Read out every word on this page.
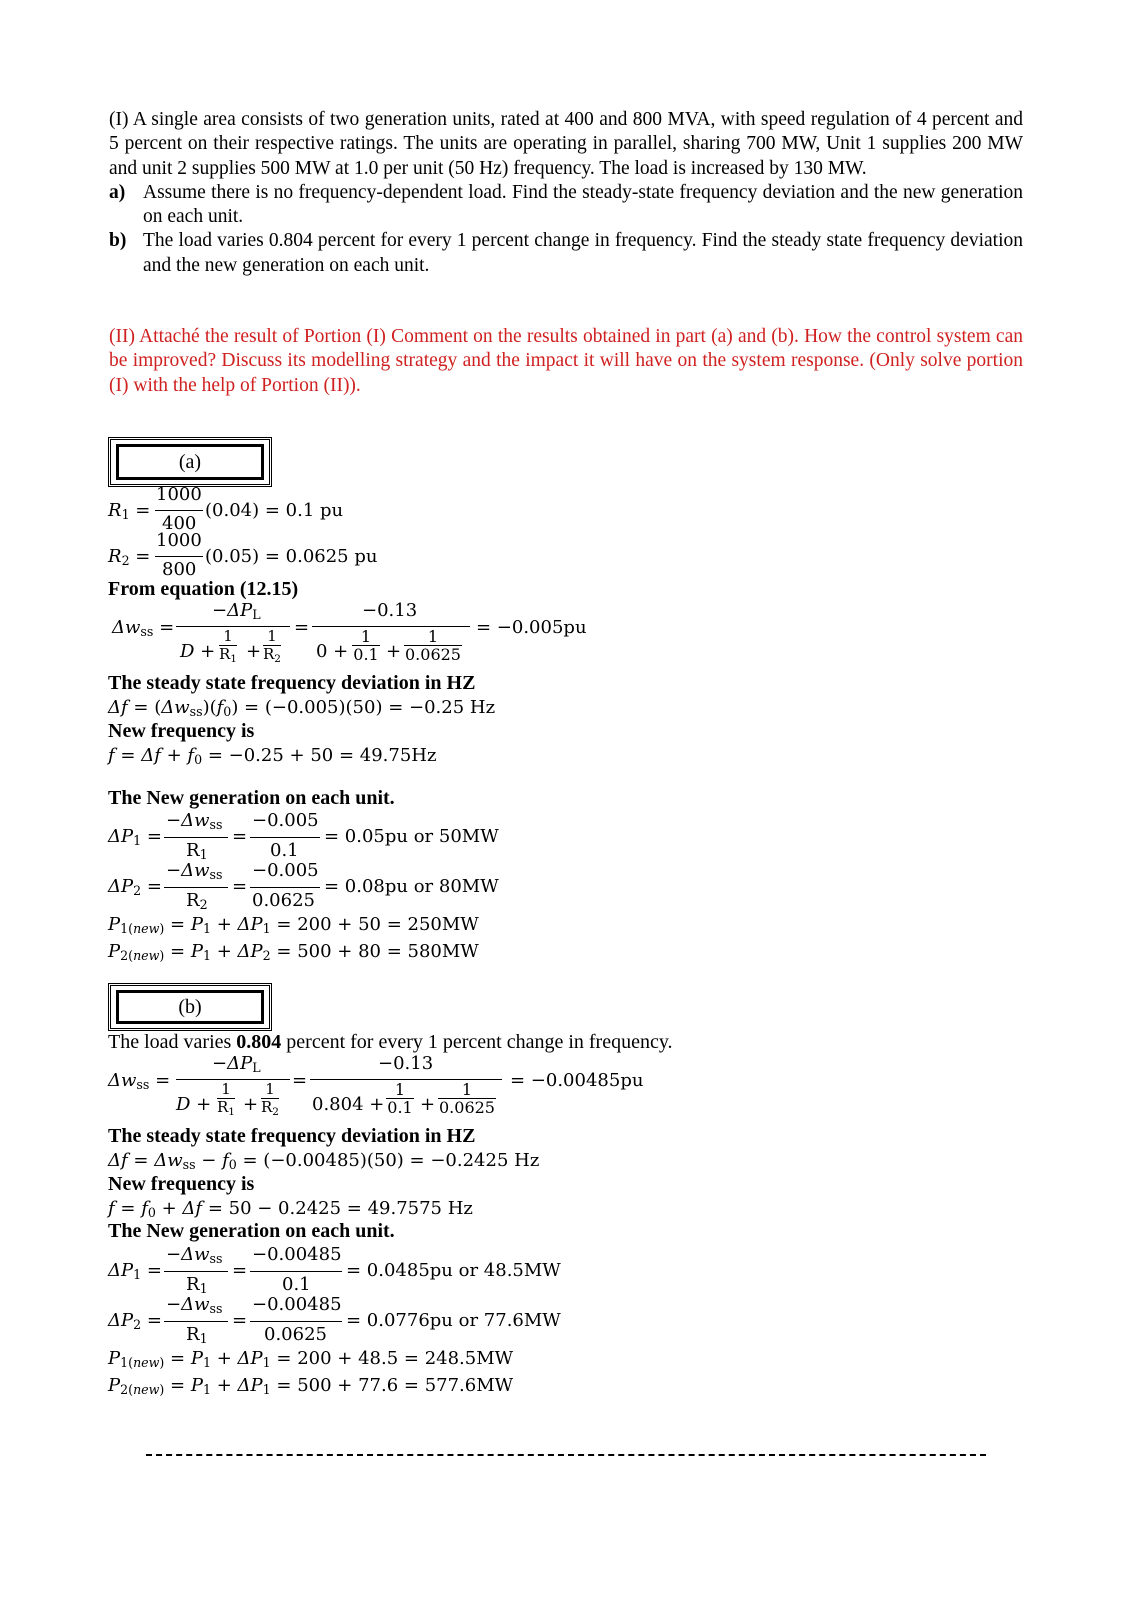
(I) A single area consists of two generation units, rated at 400 and 800 MVA, with speed regulation of 4 percent and 5 percent on their respective ratings. The units are operating in parallel, sharing 700 MW, Unit 1 supplies 200 MW and unit 2 supplies 500 MW at 1.0 per unit (50 Hz) frequency. The load is increased by 130 MW.

a) Assume there is no frequency-dependent load. Find the steady-state frequency deviation and the new generation on each unit.
b) The load varies 0.804 percent for every 1 percent change in frequency. Find the steady state frequency deviation and the new generation on each unit.

(II) Attaché the result of Portion (I) Comment on the results obtained in part (a) and (b). How the control system can be improved? Discuss its modelling strategy and the impact it will have on the system response. (Only solve portion (I) with the help of Portion (II)).

(a)
$R_1$ =
1000
400
(0.04) = 0.1 pu
$R_2$ =
1000
800
(0.05) = 0.0625 pu
From equation (12.15)
$\Delta w_{ss}$ =
$-\Delta P_L$
D +
1
$R_1$ +
1
$R_2$
=
−0.13
0 +
1
0.1 +
1
0.0625
= −0.005pu
The steady state frequency deviation in HZ
$\Delta f = (\Delta w_{ss})(f_0) = (-0.005)(50) = -0.25$ Hz
New frequency is
$f = \Delta f + f_0 = -0.25 + 50 = 49.75Hz$
The New generation on each unit.
$\Delta P_1$ =
$-\Delta w_{ss}$
$R_1$
=
−0.005
0.1
= 0.05pu or 50MW
$\Delta P_2$ =
$-\Delta w_{ss}$
$R_2$
=
−0.005
0.0625
= 0.08pu or 80MW
$P_{1(new)} = P_1 + \Delta P_1 = 200 + 50 = 250MW$
$P_{2(new)} = P_1 + \Delta P_2 = 500 + 80 = 580MW$
(b)
The load varies 0.804 percent for every 1 percent change in frequency.
$\Delta w_{ss}$ =
$-\Delta P_L$
D +
1
$R_1$ +
1
$R_2$
=
−0.13
0.804 +
1
0.1 +
1
0.0625
= −0.00485pu
The steady state frequency deviation in HZ
$\Delta f = \Delta w_{ss} - f_0 = (-0.00485)(50) = -0.2425$ Hz
New frequency is
$f = f_0 + \Delta f = 50 - 0.2425 = 49.7575$ Hz
The New generation on each unit.
$\Delta P_1$ =
$-\Delta w_{ss}$
$R_1$
=
−0.00485
0.1
= 0.0485pu or 48.5MW
$\Delta P_2$ =
$-\Delta w_{ss}$
$R_1$
=
−0.00485
0.0625
= 0.0776pu or 77.6MW
$P_{1(new)} = P_1 + \Delta P_1 = 200 + 48.5 = 248.5MW$
$P_{2(new)} = P_1 + \Delta P_1 = 500 + 77.6 = 577.6MW$
